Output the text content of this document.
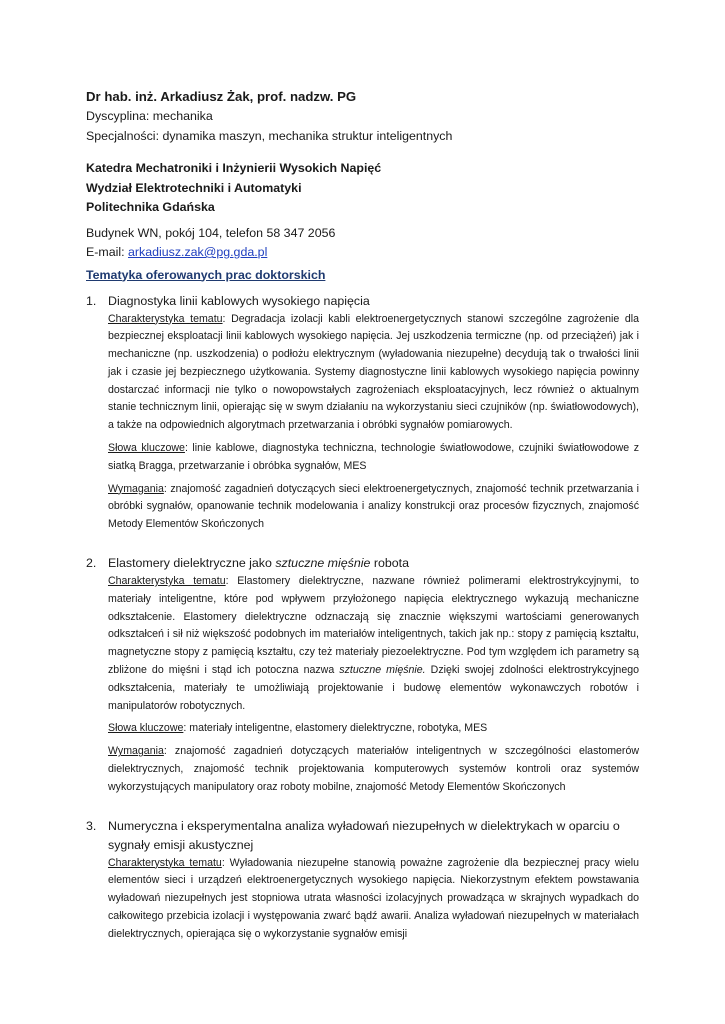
Dr hab. inż. Arkadiusz Żak, prof. nadzw. PG
Dyscyplina: mechanika
Specjalności: dynamika maszyn, mechanika struktur inteligentnych
Katedra Mechatroniki i Inżynierii Wysokich Napięć
Wydział Elektrotechniki i Automatyki
Politechnika Gdańska
Budynek WN, pokój 104, telefon 58 347 2056
E-mail: arkadiusz.zak@pg.gda.pl
Tematyka oferowanych prac doktorskich
1. Diagnostyka linii kablowych wysokiego napięcia
Charakterystyka tematu: Degradacja izolacji kabli elektroenergetycznych stanowi szczególne zagrożenie dla bezpiecznej eksploatacji linii kablowych wysokiego napięcia. Jej uszkodzenia termiczne (np. od przeciążeń) jak i mechaniczne (np. uszkodzenia) o podłożu elektrycznym (wyładowania niezupełne) decydują tak o trwałości linii jak i czasie jej bezpiecznego użytkowania. Systemy diagnostyczne linii kablowych wysokiego napięcia powinny dostarczać informacji nie tylko o nowopowstałych zagrożeniach eksploatacyjnych, lecz również o aktualnym stanie technicznym linii, opierając się w swym działaniu na wykorzystaniu sieci czujników (np. światłowodowych), a także na odpowiednich algorytmach przetwarzania i obróbki sygnałów pomiarowych.
Słowa kluczowe: linie kablowe, diagnostyka techniczna, technologie światłowodowe, czujniki światłowodowe z siatką Bragga, przetwarzanie i obróbka sygnałów, MES
Wymagania: znajomość zagadnień dotyczących sieci elektroenergetycznych, znajomość technik przetwarzania i obróbki sygnałów, opanowanie technik modelowania i analizy konstrukcji oraz procesów fizycznych, znajomość Metody Elementów Skończonych
2. Elastomery dielektryczne jako sztuczne mięśnie robota
Charakterystyka tematu: Elastomery dielektryczne, nazwane również polimerami elektrostrykcyjnymi, to materiały inteligentne, które pod wpływem przyłożonego napięcia elektrycznego wykazują mechaniczne odkształcenie. Elastomery dielektryczne odznaczają się znacznie większymi wartościami generowanych odkształceń i sił niż większość podobnych im materiałów inteligentnych, takich jak np.: stopy z pamięcią kształtu, magnetyczne stopy z pamięcią kształtu, czy też materiały piezoelektryczne. Pod tym względem ich parametry są zbliżone do mięśni i stąd ich potoczna nazwa sztuczne mięśnie. Dzięki swojej zdolności elektrostrykcyjnego odkształcenia, materiały te umożliwiają projektowanie i budowę elementów wykonawczych robotów i manipulatorów robotycznych.
Słowa kluczowe: materiały inteligentne, elastomery dielektryczne, robotyka, MES
Wymagania: znajomość zagadnień dotyczących materiałów inteligentnych w szczególności elastomerów dielektrycznych, znajomość technik projektowania komputerowych systemów kontroli oraz systemów wykorzystujących manipulatory oraz roboty mobilne, znajomość Metody Elementów Skończonych
3. Numeryczna i eksperymentalna analiza wyładowań niezupełnych w dielektrykach w oparciu o sygnały emisji akustycznej
Charakterystyka tematu: Wyładowania niezupełne stanowią poważne zagrożenie dla bezpiecznej pracy wielu elementów sieci i urządzeń elektroenergetycznych wysokiego napięcia. Niekorzystnym efektem powstawania wyładowań niezupełnych jest stopniowa utrata własności izolacyjnych prowadząca w skrajnych wypadkach do całkowitego przebicia izolacji i występowania zwarć bądź awarii. Analiza wyładowań niezupełnych w materiałach dielektrycznych, opierająca się o wykorzystanie sygnałów emisji
